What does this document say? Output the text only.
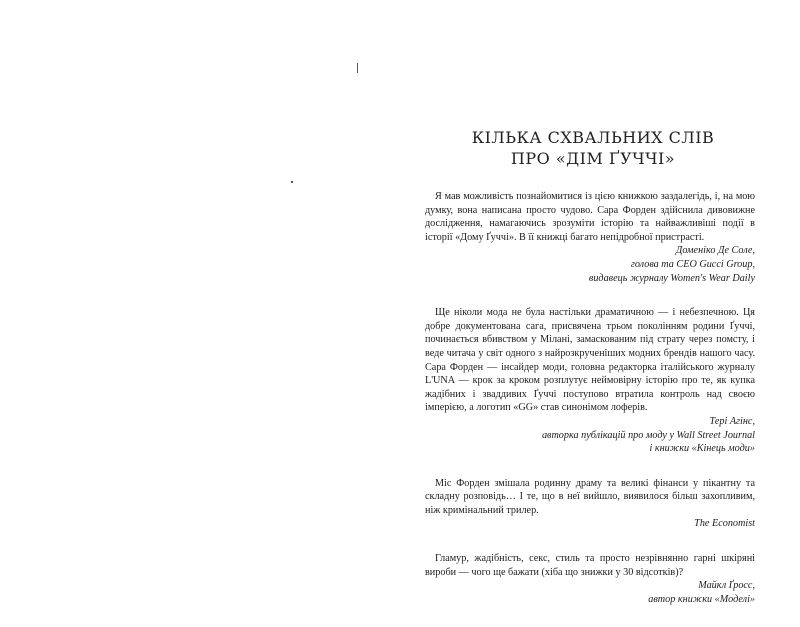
КІЛЬКА СХВАЛЬНИХ СЛІВ
ПРО «ДІМ ҐУЧЧІ»

Я мав можливість познайомитися із цією книжкою заздалегідь, і, на мою думку, вона написана просто чудово. Сара Форден здійснила дивовижне дослідження, намагаючись зрозуміти історію та найважливіші події в історії «Дому Ґуччі». В її книжці багато непідробної пристрасті.

Доменіко Де Соле,
голова та CEO Gucci Group,
видавець журналу Women's Wear Daily

Ще ніколи мода не була настільки драматичною — і небезпечною. Ця добре документована сага, присвячена трьом поколінням родини Ґуччі, починається вбивством у Мілані, замаскованим під страту через помсту, і веде читача у світ одного з найрозкрученіших модних брендів нашого часу. Сара Форден — інсайдер моди, головна редакторка італійського журналу L'UNA — крок за кроком розплутує неймовірну історію про те, як купка жадібних і зваддивих Ґуччі поступово втратила контроль над своєю імперією, а логотип «GG» став синонімом лоферів.

Тері Агінс,
авторка публікацій про моду у Wall Street Journal
і книжки «Кінець моди»

Міс Форден змішала родинну драму та великі фінанси у пікантну та складну розповідь… І те, що в неї вийшло, виявилося більш захопливим, ніж кримінальний трилер.

The Economist

Гламур, жадібність, секс, стиль та просто незрівнянно гарні шкіряні вироби — чого ще бажати (хіба що знижки у 30 відсотків)?

Майкл Ґросс,
автор книжки «Моделі»
